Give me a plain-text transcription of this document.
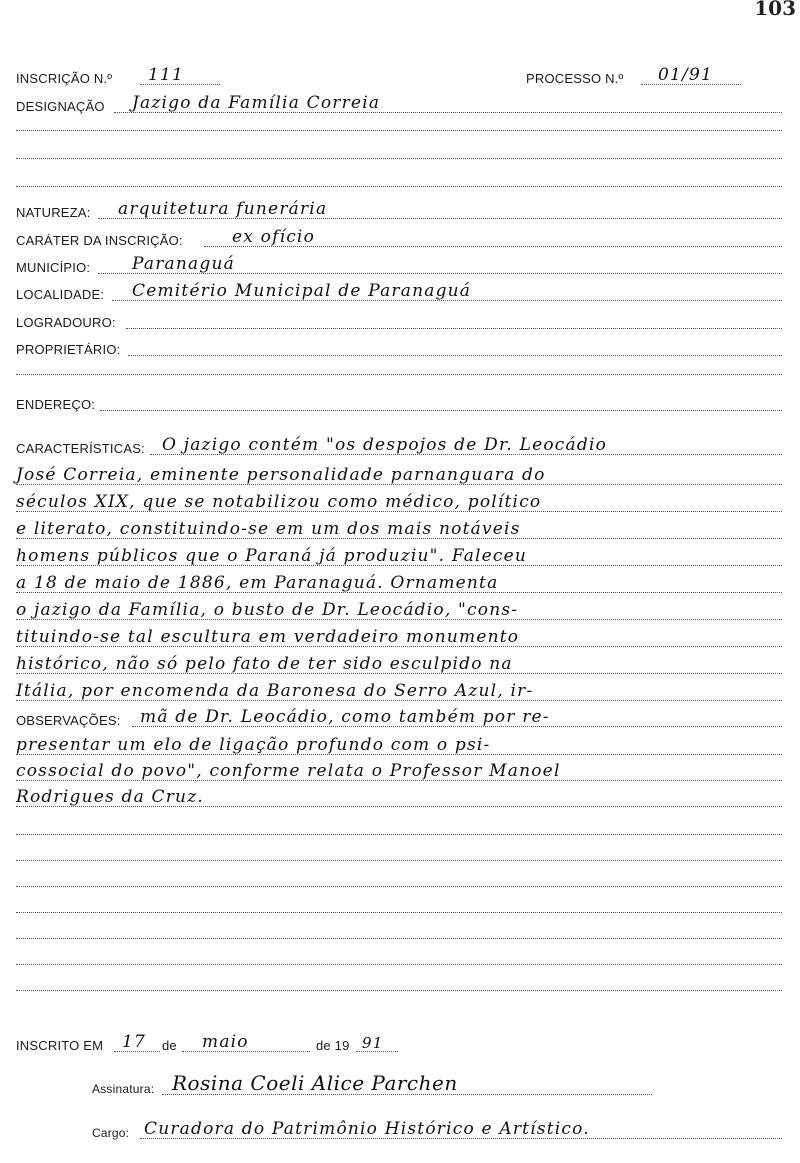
103
INSCRIÇÃO N.º 111	PROCESSO N.º 01/91
DESIGNAÇÃO Jazigo da Família Correia
NATUREZA: arquitetura funerária
CARÁTER DA INSCRIÇÃO:	ex ofício
MUNICÍPIO: Paranaguá
LOCALIDADE: Cemitério Municipal de Paranaguá
LOGRADOURO:
PROPRIETÁRIO:
ENDEREÇO:
CARACTERÍSTICAS: O jazigo contém "os despojos de Dr. Leocádio
José Correia, eminente personalidade parnanguara do
séculos XIX, que se notabilizou como médico, político
e literato, constituindo-se em um dos mais notáveis
homens públicos que o Paraná já produziu". Faleceu
a 18 de maio de 1886, em Paranaguá. Ornamenta
o jazigo da Família, o busto de Dr. Leocádio, "cons-
tituindo-se tal escultura em verdadeiro monumento
histórico, não só pelo fato de ter sido esculpido na
Itália, por encomenda da Baronesa do Serro Azul, ir-
OBSERVAÇÕES: mã de Dr. Leocádio, como também por re-
presentar um elo de ligação profundo com o psi-
cossocial do povo", conforme relata o Professor Manoel
Rodrigues da Cruz.
INSCRITO EM 17 de maio	de 19 91
Assinatura: Rosina Coeli Alice Parchen
Cargo: Curadora do Patrimônio Histórico e Artístico.
